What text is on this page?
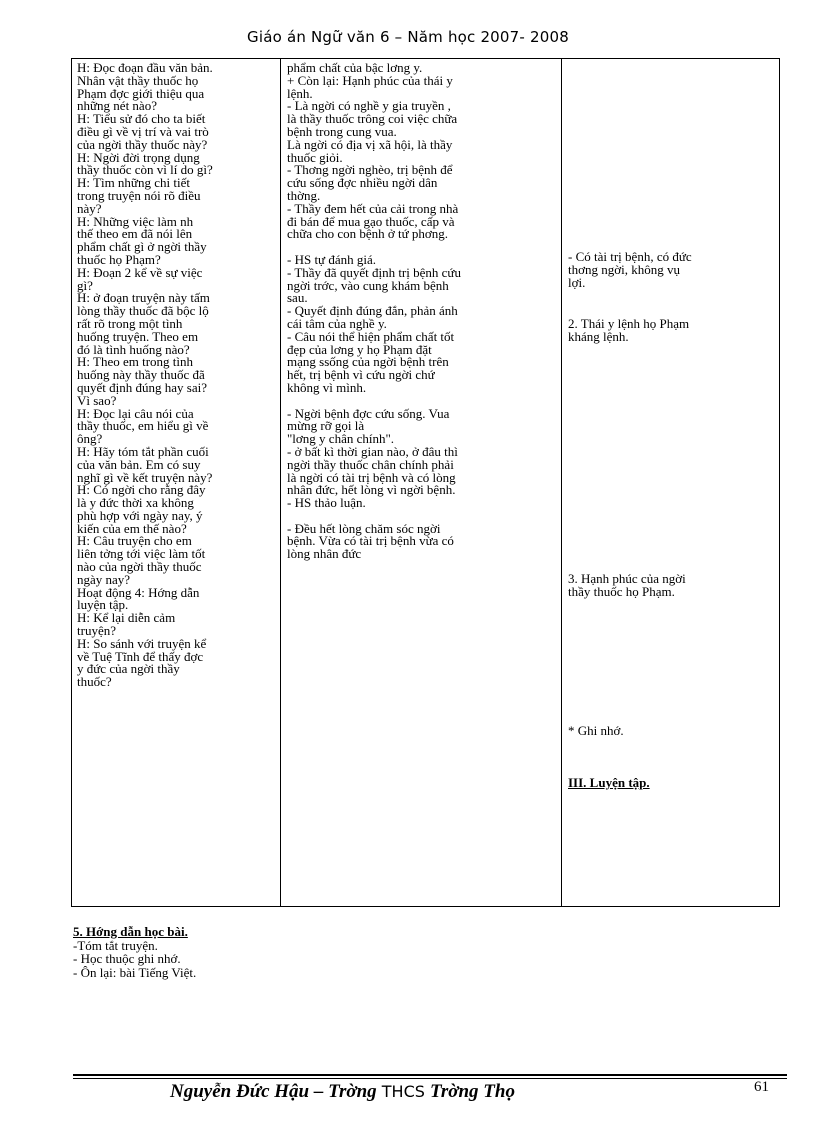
Giáo án Ngữ văn 6 – Năm học 2007- 2008
H: Đọc đoạn đầu văn bản.
Nhân vật thầy thuốc họ
Phạm đợc giới thiệu qua
những nét nào?
H: Tiểu sử đó cho ta biết
điều gì về vị trí và vai trò
của ngời thầy thuốc này?
H: Ngời đời trọng dụng
thầy thuốc còn vì lí do gì?
H: Tìm những chi tiết
trong truyện nói rõ điều
này?
H: Những việc làm nh
thế theo em đã nói lên
phẩm chất gì ở ngời thầy
thuốc họ Phạm?
H: Đoạn 2 kể về sự việc
gì?
H: ở đoạn truyện này tấm
lòng thầy thuốc đã bộc lộ
rất rõ trong một tình
huống truyện. Theo em
đó là tình huống nào?
H: Theo em trong tình
huống này thầy thuốc đã
quyết định đúng hay sai?
Vì sao?
H: Đọc lại câu nói của
thầy thuốc, em hiểu gì về
ông?
H: Hãy tóm tắt phần cuối
của văn bản. Em có suy
nghĩ gì về kết truyện này?
H: Có ngời cho rằng đây
là y đức thời xa không
phù hợp với ngày nay, ý
kiến của em thế nào?
H: Câu truyện cho em
liên tởng tới việc làm tốt
nào của ngời thầy thuốc
ngày nay?
Hoạt động 4: Hớng dẫn
luyện tập.
H: Kể lại diễn cảm
truyện?
H: So sánh với truyện kể
về Tuệ Tĩnh để thấy đợc
y đức của ngời thầy
thuốc?
phẩm chất của bậc lơng y.
+ Còn lại: Hạnh phúc của thái y
lệnh.
- Là ngời có nghề y gia truyền ,
là thầy thuốc trông coi việc chữa
bệnh trong cung vua.
Là ngời có địa vị xã hội, là thầy
thuốc giỏi.
- Thơng ngời nghèo, trị bệnh để
cứu sống đợc nhiều ngời dân
thờng.
- Thầy đem hết của cải trong nhà
đi bán để mua gạo thuốc, cấp và
chữa cho con bệnh ở tứ phơng.
- HS tự đánh giá.
- Thầy đã quyết định trị bệnh cứu
ngời trớc, vào cung khám bệnh
sau.
- Quyết định đúng đắn, phản ánh
cái tâm của nghề y.
- Câu nói thể hiện phẩm chất tốt
đẹp của lơng y họ Phạm đặt
mạng ssống của ngời bệnh trên
hết, trị bệnh vì cứu ngời chứ
không vì mình.
- Ngời bệnh đợc cứu sống. Vua
mừng rỡ gọi là
"lơng y chân chính".
- ở bất kì thời gian nào, ở đâu thì
ngời thầy thuốc chân chính phải
là ngời có tài trị bệnh và có lòng
nhân đức, hết lòng vì ngời bệnh.
- HS thảo luận.
- Đều hết lòng chăm sóc ngời
bệnh. Vừa có tài trị bệnh vừa có
lòng nhân đức
- Có tài trị bệnh, có đức
thơng ngời, không vụ
lợi.
2. Thái y lệnh họ Phạm
kháng lệnh.
3. Hạnh phúc của ngời
thầy thuốc họ Phạm.
* Ghi nhớ.
III. Luyện tập.
5. Hớng dẫn học bài.
-Tóm tắt truyện.
- Học thuộc ghi nhớ.
- Ôn lại: bài Tiếng Việt.
Nguyễn Đức Hậu – Trờng THCS Trờng Thọ	61
